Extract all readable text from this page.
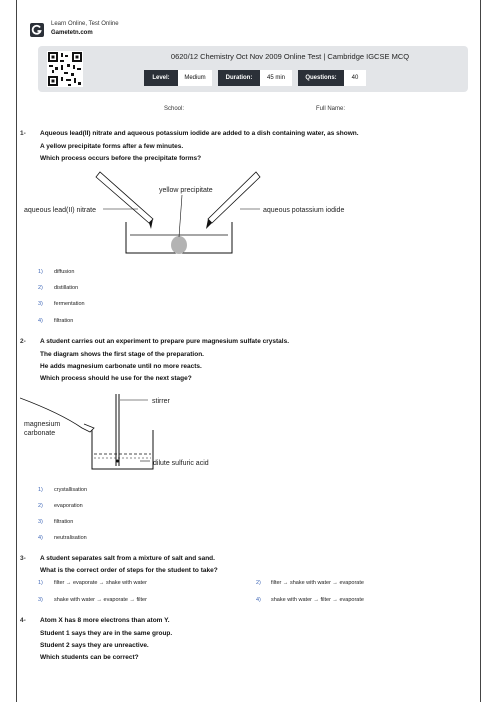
Learn Online, Test Online
Gametetn.com
0620/12 Chemistry Oct Nov 2009 Online Test | Cambridge IGCSE MCQ
Level:	Medium	Duration:	45 min	Questions:	40
School:	Full Name:
1- Aqueous lead(II) nitrate and aqueous potassium iodide are added to a dish containing water, as shown.
A yellow precipitate forms after a few minutes.
Which process occurs before the precipitate forms?
yellow precipitate
aqueous lead(II) nitrate	aqueous potassium iodide
1) diffusion
2) distillation
3) fermentation
4) filtration
2- A student carries out an experiment to prepare pure magnesium sulfate crystals.
The diagram shows the first stage of the preparation.
He adds magnesium carbonate until no more reacts.
Which process should he use for the next stage?
stirrer
magnesium
carbonate
dilute sulfuric acid
1) crystallisation
2) evaporation
3) filtration
4) neutralisation
3- A student separates salt from a mixture of salt and sand.
What is the correct order of steps for the student to take?
1) filter → evaporate → shake with water	2) filter → shake with water → evaporate
3) shake with water → evaporate → filter	4) shake with water → filter → evaporate
4- Atom X has 8 more electrons than atom Y.
Student 1 says they are in the same group.
Student 2 says they are unreactive.
Which students can be correct?
